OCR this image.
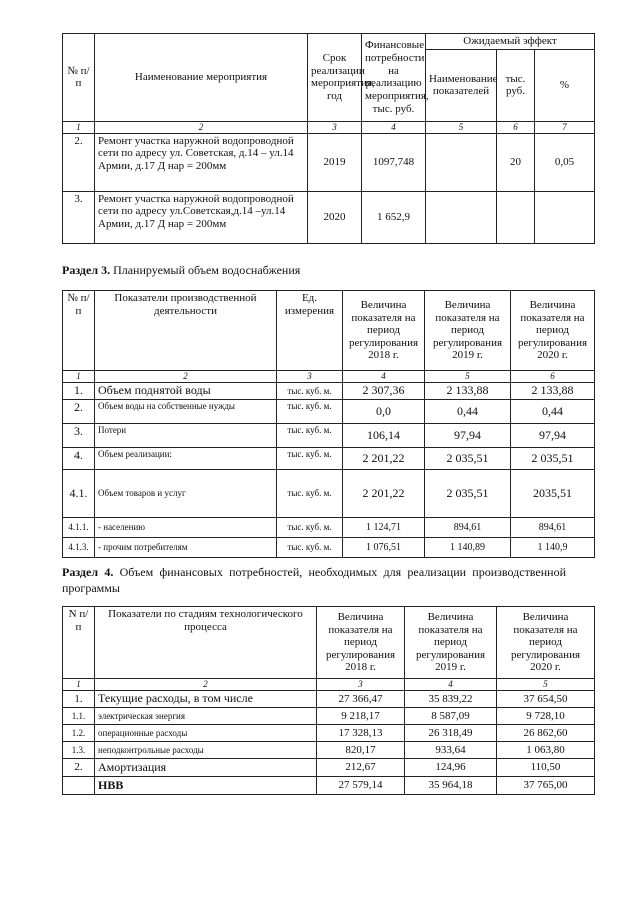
№ п/п	Наименование мероприятия	Срок реализации мероприятия, год	Финансовые потребности на реализацию мероприятия, тыс. руб.	Ожидаемый эффект		
				Наименование показателей	тыс. руб.	%
1	2	3	4	5	6	7
2.	Ремонт участка наружной водопроводной сети по адресу ул. Советская, д.14 – ул.14 Армии, д.17 Д нар = 200мм	2019	1097,748		20	0,05
3.	Ремонт участка наружной водопроводной сети по адресу ул.Советская,д.14 –ул.14 Армии, д.17 Д нар = 200мм	2020	1 652,9			
Раздел 3. Планируемый объем водоснабжения
№ п/п	Показатели производственной деятельности	Ед. измерения	Величина показателя на период регулирования 2018 г.	Величина показателя на период регулирования 2019 г.	Величина показателя на период регулирования 2020 г.
1	2	3	4	5	6
1.	Объем поднятой воды	тыс. куб. м.	2 307,36	2 133,88	2 133,88
2.	Объем воды на собственные нужды	тыс. куб. м.	0,0	0,44	0,44
3.	Потери	тыс. куб. м.	106,14	97,94	97,94
4.	Объем реализации:	тыс. куб. м.	2 201,22	2 035,51	2 035,51
4.1.	Объем товаров и услуг	тыс. куб. м.	2 201,22	2 035,51	2035,51
4.1.1.	- населению	тыс. куб. м.	1 124,71	894,61	894,61
4.1.3.	- прочим потребителям	тыс. куб. м.	1 076,51	1 140,89	1 140,9
Раздел 4. Объем финансовых потребностей, необходимых для реализации производственной программы
N п/п	Показатели по стадиям технологического процесса	Величина показателя на период регулирования 2018 г.	Величина показателя на период регулирования 2019 г.	Величина показателя на период регулирования 2020 г.
1	2	3	4	5
1.	Текущие расходы, в том числе	27 366,47	35 839,22	37 654,50
1.1.	электрическая энергия	9 218,17	8 587,09	9 728,10
1.2.	операционные расходы	17 328,13	26 318,49	26 862,60
1.3.	неподконтрольные расходы	820,17	933,64	1 063,80
2.	Амортизация	212,67	124,96	110,50
	НВВ	27 579,14	35 964,18	37 765,00
